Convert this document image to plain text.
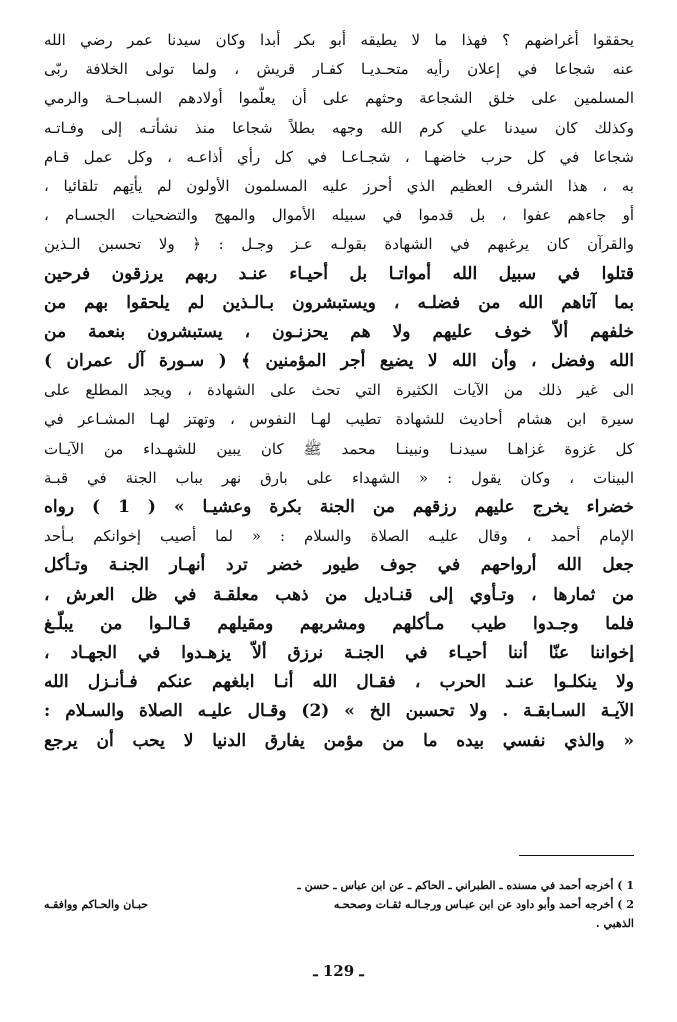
يحققوا أغراضهم ؟ فهذا ما لا يطيقه أبو بكر أبدا وكان سيدنا عمر رضي الله
عنه شجاعا في إعلان رأيه متحـديـا كفـار قريش ، ولما تولى الخلافة ربّى
المسلمين على خلق الشجاعة وحثهم على أن يعلّموا أولادهم السبـاحـة والرمي
وكذلك كان سيدنا علي كرم الله وجهه بطلاً شجاعا منذ نشأتـه إلى وفـاتـه
شجاعا في كل حرب خاضهـا ، شجـاعـا في كل رأي أذاعـه ، وكل عمل قـام
به ، هذا الشرف العظيم الذي أحرز عليه المسلمون الأولون لم يأتِهم تلقائيا ،
أو جاءهم عفوا ، بل قدموا في سبيله الأموال والمهج والتضحيات الجسـام ،
والقرآن كان يرغبهم في الشهادة بقولـه عـز وجـل : ﴿ ولا تحسبن الـذين
قتلوا في سبيل الله أمواتـا بل أحيـاء عنـد ربهم يرزقون فرحين
بما آتاهم الله من فضلـه ، ويستبشرون بـالـذين لم يلحقوا بهم من
خلفهم ألاّ خوف عليهم ولا هم يحزنـون ، يستبشرون بنعمة من
الله وفضل ، وأن الله لا يضيع أجر المؤمنين ﴾ ( سـورة آل عمران )
الى غير ذلك من الآيات الكثيرة التي تحث على الشهادة ، ويجد المطلع على
سيرة ابن هشام أحاديث للشهادة تطيب لهـا النفوس ، وتهتز لهـا المشـاعر في
كل غزوة غزاهـا سيدنـا ونبينـا محمد ﷺ كان يبين للشهـداء من الآيـات
البينات ، وكان يقول : « الشهداء على بارق نهر بباب الجنة في قبـة
خضراء يخرج عليهم رزقهم من الجنة بكرة وعشيـا » ( 1 ) رواه
الإمام أحمد ، وقال عليـه الصلاة والسلام : « لما أصيب إخوانكم بـأحد
جعل الله أرواحهم في جوف طيور خضر ترد أنهـار الجنـة وتـأكل
من ثمارها ، وتـأوي إلى قنـاديل من ذهب معلقـة في ظل العرش ،
فلما وجـدوا طيب مـأكلهم ومشربهم ومقيلهم قـالـوا من يبلّـغ
إخواننا عنّا أننا أحيـاء في الجنـة نرزق ألاّ يزهـدوا في الجهـاد ،
ولا ينكلـوا عنـد الحرب ، فقـال الله أنـا ابلغهم عنكم فـأنـزل الله
الآيـة السـابقـة . ولا تحسبن الخ » (2) وقـال عليـه الصلاة والسـلام :
« والذي نفسي بيده ما من مؤمن يفارق الدنيا لا يحب أن يرجع
1 ) أخرجه أحمد في مسنده ـ الطبراني ـ الحاكم ـ عن ابن عباس ـ حسن ـ
2 ) أخرجه أحمد وأبو داود عن ابن عبـاس ورجـالـه ثقـات وصححـه
حبـان والحـاكم ووافقـه
الذهبي .
ـ 129 ـ
